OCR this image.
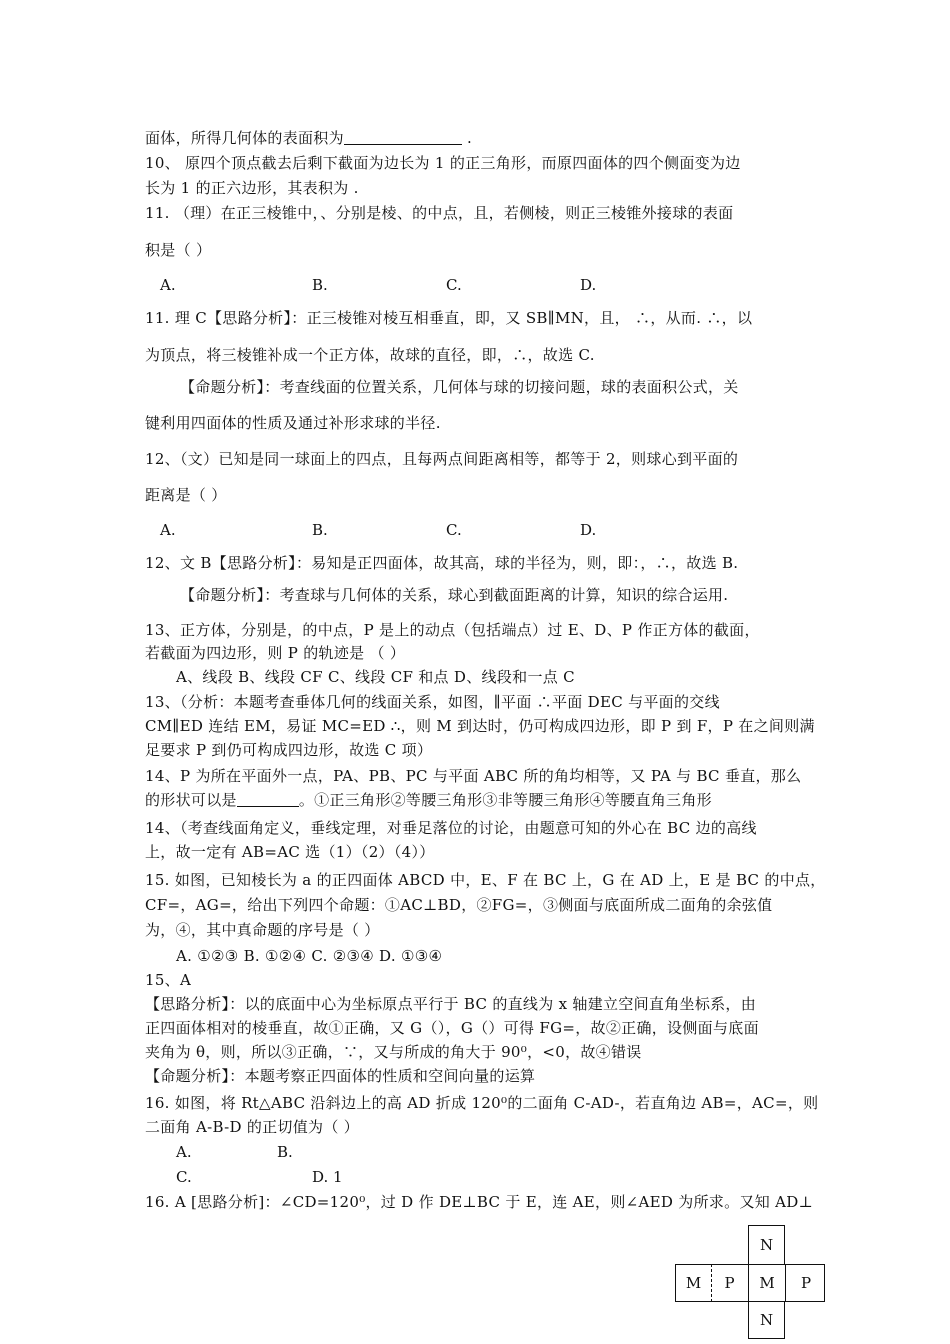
面体，所得几何体的表面积为	.
10、 原四个顶点截去后剩下截面为边长为 1 的正三角形，而原四面体的四个侧面变为边
长为 1 的正六边形，其表积为 .
11. （理）在正三棱锥中，、分别是棱、的中点，且，若侧棱，则正三棱锥外接球的表面
积是（ ）
A.	B.	C.	D.
11. 理 C【思路分析】：正三棱锥对棱互相垂直，即，又 SB∥MN，且， ∴，从而. ∴，以
为顶点，将三棱锥补成一个正方体，故球的直径，即，∴，故选 C.
【命题分析】：考查线面的位置关系，几何体与球的切接问题，球的表面积公式，关
键利用四面体的性质及通过补形求球的半径.
12、（文）已知是同一球面上的四点，且每两点间距离相等，都等于 2，则球心到平面的
距离是（ ）
A.	B.	C.	D.
12、文 B【思路分析】：易知是正四面体，故其高，球的半径为，则，即：，∴，故选 B.
【命题分析】：考查球与几何体的关系，球心到截面距离的计算，知识的综合运用.
13、正方体，分别是，的中点，P 是上的动点（包括端点）过 E、D、P 作正方体的截面，
若截面为四边形，则 P 的轨迹是 （ ）
A、线段 B、线段 CF C、线段 CF 和点 D、线段和一点 C
13、（分析：本题考查垂体几何的线面关系，如图，∥平面 ∴平面 DEC 与平面的交线
CM∥ED 连结 EM，易证 MC=ED ∴，则 M 到达时，仍可构成四边形，即 P 到 F，P 在之间则满
足要求 P 到仍可构成四边形，故选 C 项）
14、P 为所在平面外一点，PA、PB、PC 与平面 ABC 所的角均相等，又 PA 与 BC 垂直，那么
的形状可以是	。①正三角形②等腰三角形③非等腰三角形④等腰直角三角形
14、（考查线面角定义，垂线定理，对垂足落位的讨论，由题意可知的外心在 BC 边的高线
上，故一定有 AB=AC 选（1）（2）（4））
15. 如图，已知棱长为 a 的正四面体 ABCD 中，E、F 在 BC 上，G 在 AD 上，E 是 BC 的中点，
CF=，AG=，给出下列四个命题：①AC⊥BD，②FG=，③侧面与底面所成二面角的余弦值
为，④，其中真命题的序号是（ ）
A. ①②③ B. ①②④ C. ②③④ D. ①③④
15、A
【思路分析】：以的底面中心为坐标原点平行于 BC 的直线为 x 轴建立空间直角坐标系，由
正四面体相对的棱垂直，故①正确，又 G（），G（）可得 FG=，故②正确，设侧面与底面
夹角为 θ，则，所以③正确，∵，又与所成的角大于 90⁰，<0，故④错误
【命题分析】：本题考察正四面体的性质和空间向量的运算
16. 如图，将 Rt△ABC 沿斜边上的高 AD 折成 120⁰的二面角 C-AD-，若直角边 AB=，AC=，则
二面角 A-B-D 的正切值为（ ）
A.	B.
C.	D. 1
16. A [思路分析]：∠CD=120⁰，过 D 作 DE⊥BC 于 E，连 AE，则∠AED 为所求。又知 AD⊥
N
M
M	P	P
N
